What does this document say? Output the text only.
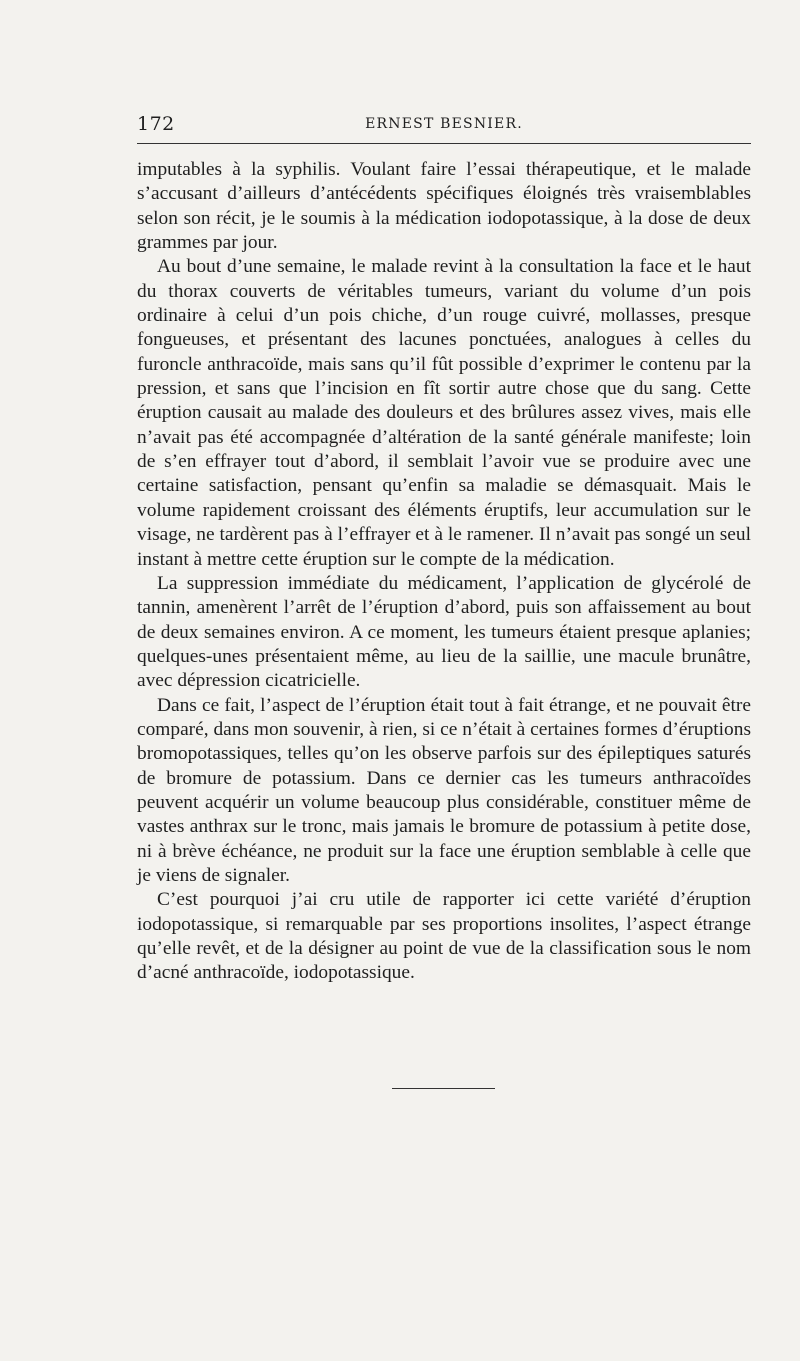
172	ERNEST BESNIER.

imputables à la syphilis. Voulant faire l’essai thérapeutique, et le malade s’accusant d’ailleurs d’antécédents spécifiques éloignés très vraisemblables selon son récit, je le soumis à la médication iodopotassique, à la dose de deux grammes par jour.

Au bout d’une semaine, le malade revint à la consultation la face et le haut du thorax couverts de véritables tumeurs, variant du volume d’un pois ordinaire à celui d’un pois chiche, d’un rouge cuivré, mollasses, presque fongueuses, et présentant des lacunes ponctuées, analogues à celles du furoncle anthracoïde, mais sans qu’il fût possible d’exprimer le contenu par la pression, et sans que l’incision en fît sortir autre chose que du sang. Cette éruption causait au malade des douleurs et des brûlures assez vives, mais elle n’avait pas été accompagnée d’altération de la santé générale manifeste; loin de s’en effrayer tout d’abord, il semblait l’avoir vue se produire avec une certaine satisfaction, pensant qu’enfin sa maladie se démasquait. Mais le volume rapidement croissant des éléments éruptifs, leur accumulation sur le visage, ne tardèrent pas à l’effrayer et à le ramener. Il n’avait pas songé un seul instant à mettre cette éruption sur le compte de la médication.

La suppression immédiate du médicament, l’application de glycérolé de tannin, amenèrent l’arrêt de l’éruption d’abord, puis son affaissement au bout de deux semaines environ. A ce moment, les tumeurs étaient presque aplanies; quelques-unes présentaient même, au lieu de la saillie, une macule brunâtre, avec dépression cicatricielle.

Dans ce fait, l’aspect de l’éruption était tout à fait étrange, et ne pouvait être comparé, dans mon souvenir, à rien, si ce n’était à certaines formes d’éruptions bromopotassiques, telles qu’on les observe parfois sur des épileptiques saturés de bromure de potassium. Dans ce dernier cas les tumeurs anthracoïdes peuvent acquérir un volume beaucoup plus considérable, constituer même de vastes anthrax sur le tronc, mais jamais le bromure de potassium à petite dose, ni à brève échéance, ne produit sur la face une éruption semblable à celle que je viens de signaler.

C’est pourquoi j’ai cru utile de rapporter ici cette variété d’éruption iodopotassique, si remarquable par ses proportions insolites, l’aspect étrange qu’elle revêt, et de la désigner au point de vue de la classification sous le nom d’acné anthracoïde, iodopotassique.
